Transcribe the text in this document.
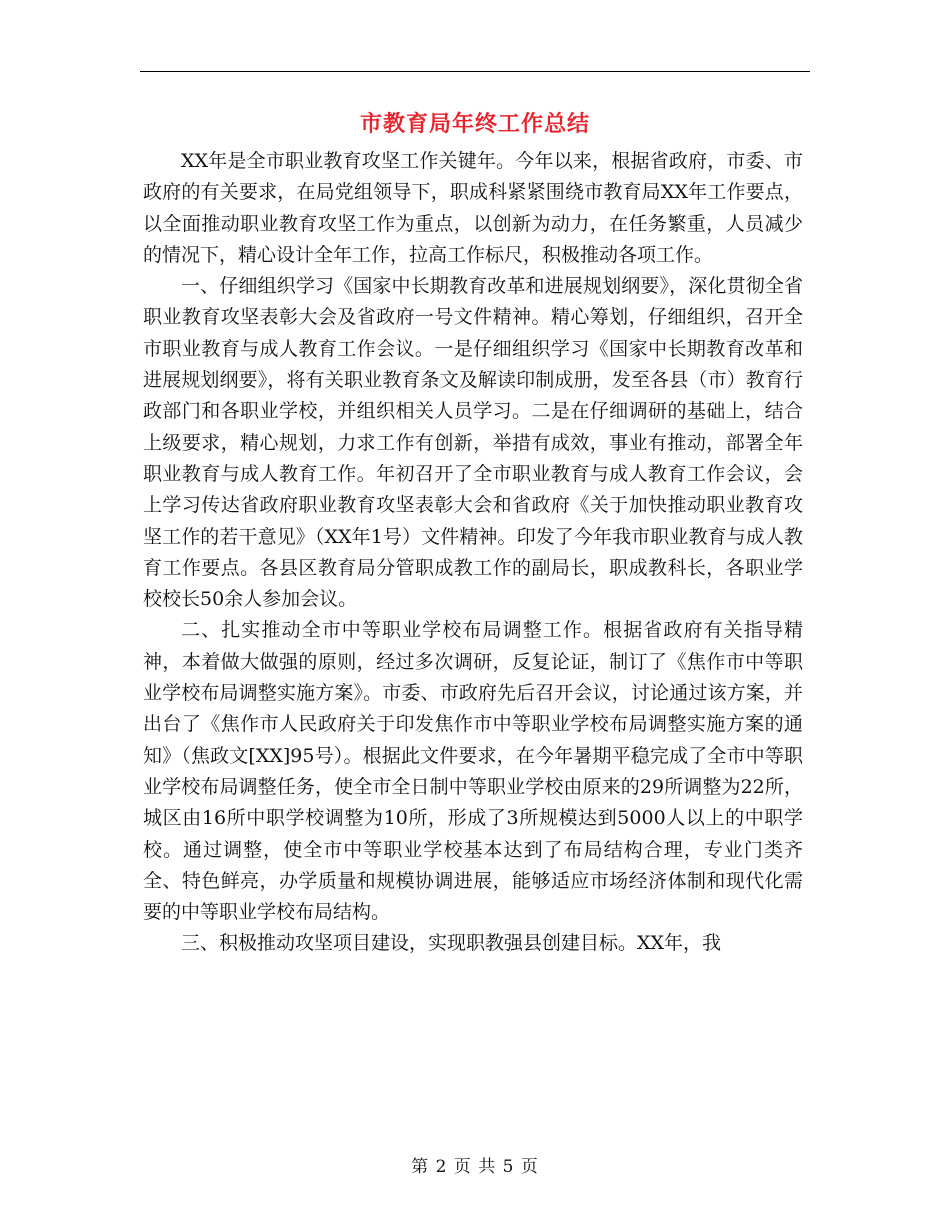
市教育局年终工作总结

XX年是全市职业教育攻坚工作关键年。今年以来，根据省政府，市委、市政府的有关要求，在局党组领导下，职成科紧紧围绕市教育局XX年工作要点，以全面推动职业教育攻坚工作为重点，以创新为动力，在任务繁重，人员减少的情况下，精心设计全年工作，拉高工作标尺，积极推动各项工作。

一、仔细组织学习《国家中长期教育改革和进展规划纲要》，深化贯彻全省职业教育攻坚表彰大会及省政府一号文件精神。精心筹划，仔细组织，召开全市职业教育与成人教育工作会议。一是仔细组织学习《国家中长期教育改革和进展规划纲要》，将有关职业教育条文及解读印制成册，发至各县（市）教育行政部门和各职业学校，并组织相关人员学习。二是在仔细调研的基础上，结合上级要求，精心规划，力求工作有创新，举措有成效，事业有推动，部署全年职业教育与成人教育工作。年初召开了全市职业教育与成人教育工作会议，会上学习传达省政府职业教育攻坚表彰大会和省政府《关于加快推动职业教育攻坚工作的若干意见》（XX年1号）文件精神。印发了今年我市职业教育与成人教育工作要点。各县区教育局分管职成教工作的副局长，职成教科长，各职业学校校长50余人参加会议。

二、扎实推动全市中等职业学校布局调整工作。根据省政府有关指导精神，本着做大做强的原则，经过多次调研，反复论证，制订了《焦作市中等职业学校布局调整实施方案》。市委、市政府先后召开会议，讨论通过该方案，并出台了《焦作市人民政府关于印发焦作市中等职业学校布局调整实施方案的通知》（焦政文[XX]95号）。根据此文件要求，在今年暑期平稳完成了全市中等职业学校布局调整任务，使全市全日制中等职业学校由原来的29所调整为22所，城区由16所中职学校调整为10所，形成了3所规模达到5000人以上的中职学校。通过调整，使全市中等职业学校基本达到了布局结构合理，专业门类齐全、特色鲜亮，办学质量和规模协调进展，能够适应市场经济体制和现代化需要的中等职业学校布局结构。

三、积极推动攻坚项目建设，实现职教强县创建目标。XX年，我

第 2 页 共 5 页
